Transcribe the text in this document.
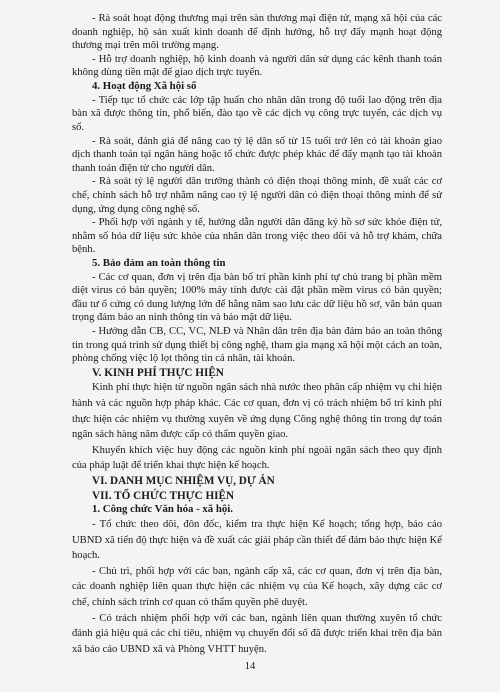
- Rà soát hoạt động thương mại trên sàn thương mại điện tử, mạng xã hội của các doanh nghiệp, hộ sản xuất kinh doanh để định hướng, hỗ trợ đẩy mạnh hoạt động thương mại trên môi trường mạng.

- Hỗ trợ doanh nghiệp, hộ kinh doanh và người dân sử dụng các kênh thanh toán không dùng tiền mặt để giao dịch trực tuyến.

4. Hoạt động Xã hội số

- Tiếp tục tổ chức các lớp tập huấn cho nhân dân trong độ tuổi lao động trên địa bàn xã được thông tin, phổ biến, đào tạo về các dịch vụ công trực tuyến, các dịch vụ số.

- Rà soát, đánh giá để nâng cao tỷ lệ dân số từ 15 tuổi trở lên có tài khoản giao dịch thanh toán tại ngân hàng hoặc tổ chức được phép khác để đẩy mạnh tạo tài khoản thanh toán điện tử cho người dân.

- Rà soát tỷ lệ người dân trưởng thành có điện thoại thông minh, đề xuất các cơ chế, chính sách hỗ trợ nhằm nâng cao tỷ lệ người dân có điện thoại thông minh để sử dụng, ứng dụng công nghệ số.

- Phối hợp với ngành y tế, hướng dẫn người dân đăng ký hồ sơ sức khỏe điện tử, nhằm số hóa dữ liệu sức khỏe của nhân dân trong việc theo dõi và hỗ trợ khám, chữa bệnh.

5. Bảo đảm an toàn thông tin

- Các cơ quan, đơn vị trên địa bàn bố trí phần kinh phí tự chủ trang bị phần mềm diệt virus có bản quyền; 100% máy tính được cài đặt phần mềm virus có bản quyền; đầu tư ổ cứng có dung lượng lớn để hằng năm sao lưu các dữ liệu hồ sơ, văn bản quan trọng đảm bảo an ninh thông tin và bảo mật dữ liệu.

- Hướng dẫn CB, CC, VC, NLĐ và Nhân dân trên địa bàn đảm bảo an toàn thông tin trong quá trình sử dụng thiết bị công nghệ, tham gia mạng xã hội một cách an toàn, phòng chống việc lộ lọt thông tin cá nhân, tài khoản.

V. KINH PHÍ THỰC HIỆN

Kinh phí thực hiện từ nguồn ngân sách nhà nước theo phân cấp nhiệm vụ chi hiện hành và các nguồn hợp pháp khác. Các cơ quan, đơn vị có trách nhiệm bố trí kinh phí thực hiện các nhiệm vụ thường xuyên về ứng dụng Công nghệ thông tin trong dự toán ngân sách hàng năm được cấp có thẩm quyền giao.

Khuyến khích việc huy động các nguồn kinh phí ngoài ngân sách theo quy định của pháp luật để triển khai thực hiện kế hoạch.

VI. DANH MỤC NHIỆM VỤ, DỰ ÁN

VII. TỔ CHỨC THỰC HIỆN

1. Công chức Văn hóa - xã hội.

- Tổ chức theo dõi, đôn đốc, kiểm tra thực hiện Kế hoạch; tổng hợp, báo cáo UBND xã tiến độ thực hiện và đề xuất các giải pháp cần thiết để đảm bảo thực hiện Kế hoạch.

- Chủ trì, phối hợp với các ban, ngành cấp xã, các cơ quan, đơn vị trên địa bàn, các doanh nghiệp liên quan thực hiện các nhiệm vụ của Kế hoạch, xây dựng các cơ chế, chính sách trình cơ quan có thẩm quyền phê duyệt.

- Có trách nhiệm phối hợp với các ban, ngành liên quan thường xuyên tổ chức đánh giá hiệu quả các chỉ tiêu, nhiệm vụ chuyển đổi số đã được triển khai trên địa bàn xã báo cáo UBND xã và Phòng VHTT huyện.

14
